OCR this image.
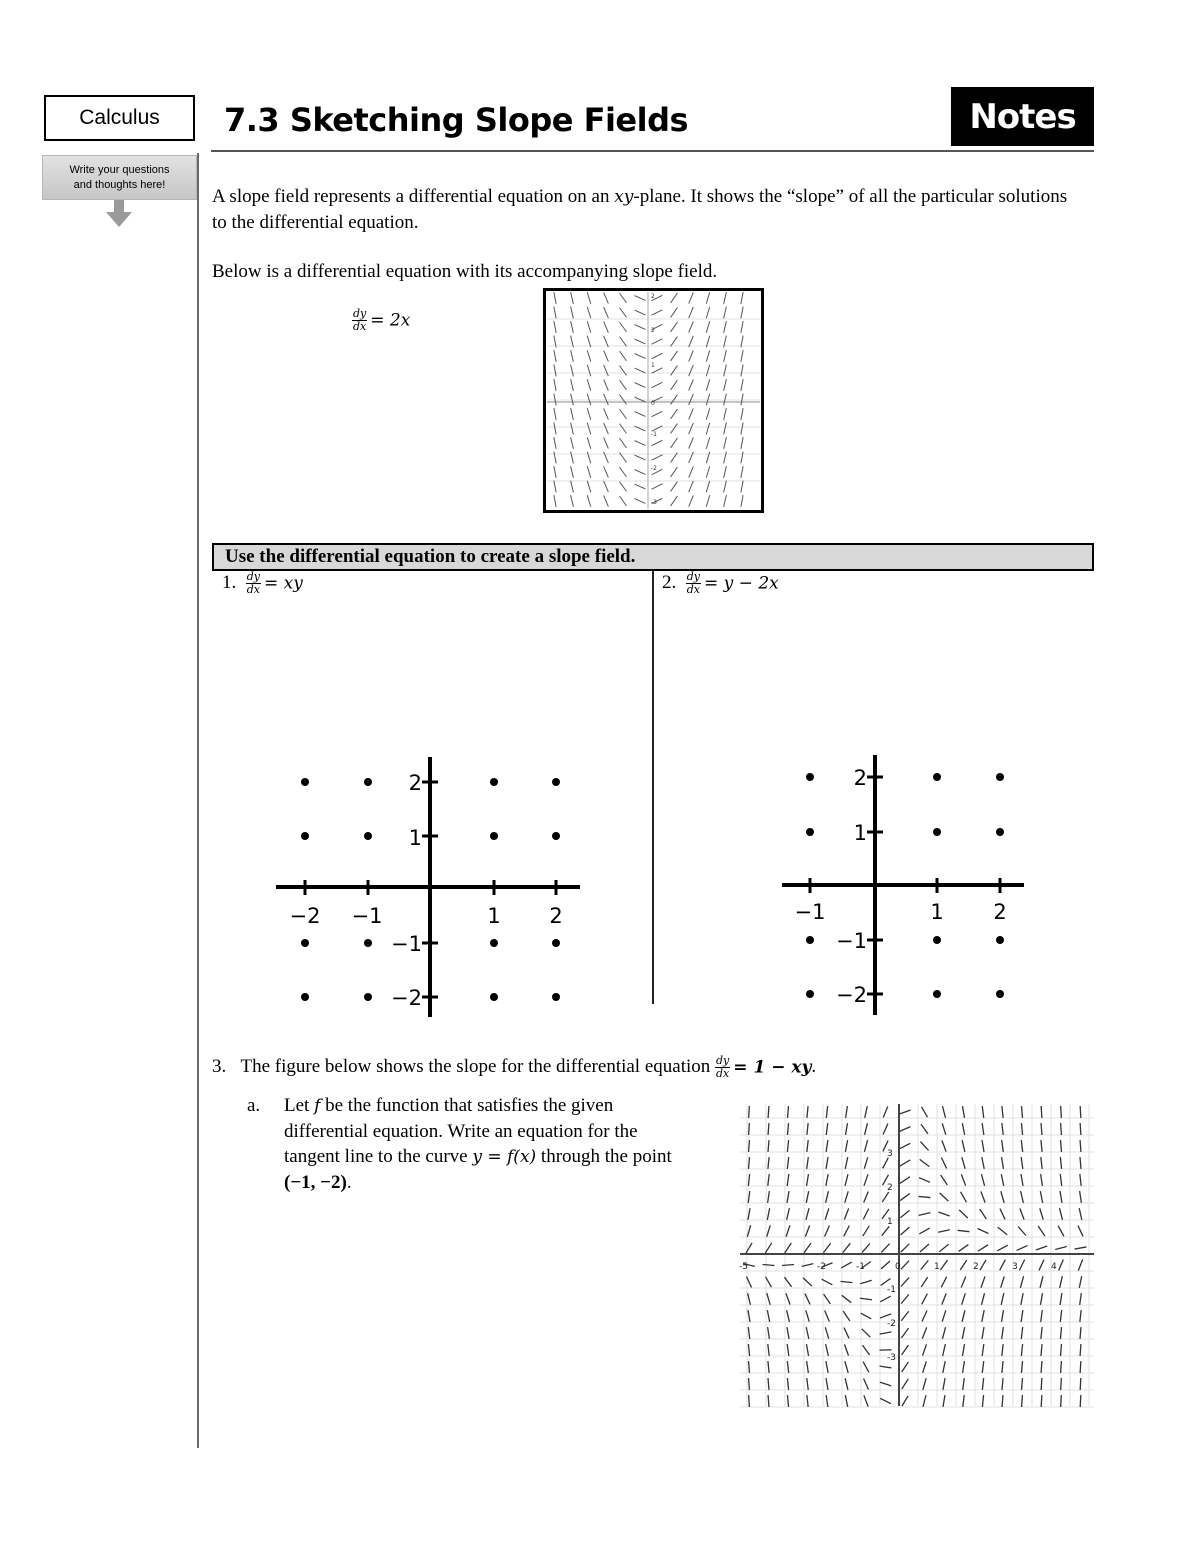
Calculus
Write your questions
and thoughts here!
7.3 Sketching Slope Fields	Notes
A slope field represents a differential equation on an xy-plane. It shows the “slope” of all the particular solutions to the differential equation.
Below is a differential equation with its accompanying slope field.
$\frac{dy}{dx} = 2x$
2
2
1
0
-1
-2
-3
Use the differential equation to create a slope field.
1. $\frac{dy}{dx}$ = xy
−2 −1	1 2
2
1
−1
−2
2. $\frac{dy}{dx} = y - 2x$
−1	1 2
2
1
−1
−2
3. The figure below shows the slope for the differential equation $\frac{dy}{dx} = 1$ − xy.
a. Let f be the function that satisfies the given differential equation. Write an equation for the tangent line to the curve y = f(x) through the point (−1, −2).
-5	-2	-1	0	1	2	3	4
3
2
1
-1
-2
-3
